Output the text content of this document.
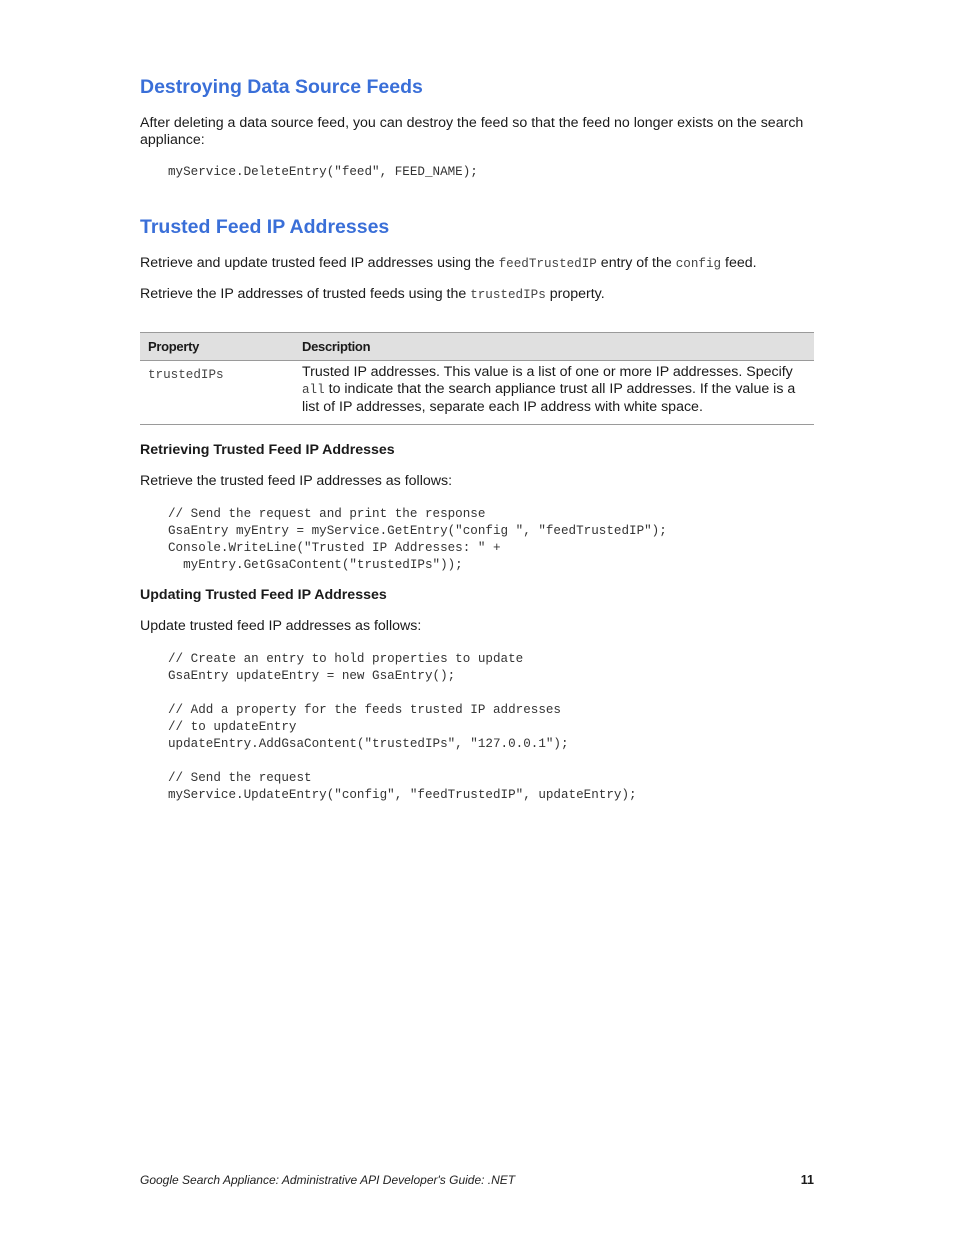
Destroying Data Source Feeds

After deleting a data source feed, you can destroy the feed so that the feed no longer exists on the search appliance:

myService.DeleteEntry("feed", FEED_NAME);
Trusted Feed IP Addresses

Retrieve and update trusted feed IP addresses using the feedTrustedIP entry of the config feed.

Retrieve the IP addresses of trusted feeds using the trustedIPs property.

Property	Description
trustedIPs	Trusted IP addresses. This value is a list of one or more IP addresses. Specify all to indicate that the search appliance trust all IP addresses. If the value is a list of IP addresses, separate each IP address with white space.
Retrieving Trusted Feed IP Addresses

Retrieve the trusted feed IP addresses as follows:

// Send the request and print the response
GsaEntry myEntry = myService.GetEntry("config ", "feedTrustedIP");
Console.WriteLine("Trusted IP Addresses: " +
myEntry.GetGsaContent("trustedIPs"));
Updating Trusted Feed IP Addresses

Update trusted feed IP addresses as follows:

// Create an entry to hold properties to update
GsaEntry updateEntry = new GsaEntry();

// Add a property for the feeds trusted IP addresses
// to updateEntry
updateEntry.AddGsaContent("trustedIPs", "127.0.0.1");

// Send the request
myService.UpdateEntry("config", "feedTrustedIP", updateEntry);
Google Search Appliance: Administrative API Developer's Guide: .NET	11
